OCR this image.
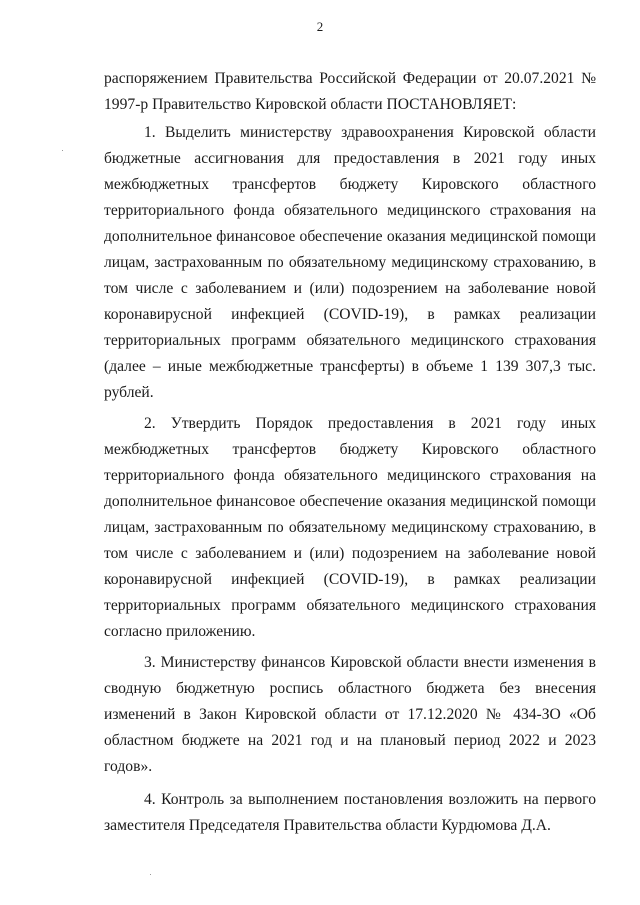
2

распоряжением Правительства Российской Федерации от 20.07.2021 № 1997-р Правительство Кировской области ПОСТАНОВЛЯЕТ:

1. Выделить министерству здравоохранения Кировской области бюджетные ассигнования для предоставления в 2021 году иных межбюджетных трансфертов бюджету Кировского областного территориального фонда обязательного медицинского страхования на дополнительное финансовое обеспечение оказания медицинской помощи лицам, застрахованным по обязательному медицинскому страхованию, в том числе с заболеванием и (или) подозрением на заболевание новой коронавирусной инфекцией (COVID-19), в рамках реализации территориальных программ обязательного медицинского страхования (далее – иные межбюджетные трансферты) в объеме 1 139 307,3 тыс. рублей.

2. Утвердить Порядок предоставления в 2021 году иных межбюджетных трансфертов бюджету Кировского областного территориального фонда обязательного медицинского страхования на дополнительное финансовое обеспечение оказания медицинской помощи лицам, застрахованным по обязательному медицинскому страхованию, в том числе с заболеванием и (или) подозрением на заболевание новой коронавирусной инфекцией (COVID-19), в рамках реализации территориальных программ обязательного медицинского страхования согласно приложению.

3. Министерству финансов Кировской области внести изменения в сводную бюджетную роспись областного бюджета без внесения изменений в Закон Кировской области от 17.12.2020 № 434-ЗО «Об областном бюджете на 2021 год и на плановый период 2022 и 2023 годов».

4. Контроль за выполнением постановления возложить на первого заместителя Председателя Правительства области Курдюмова Д.А.
